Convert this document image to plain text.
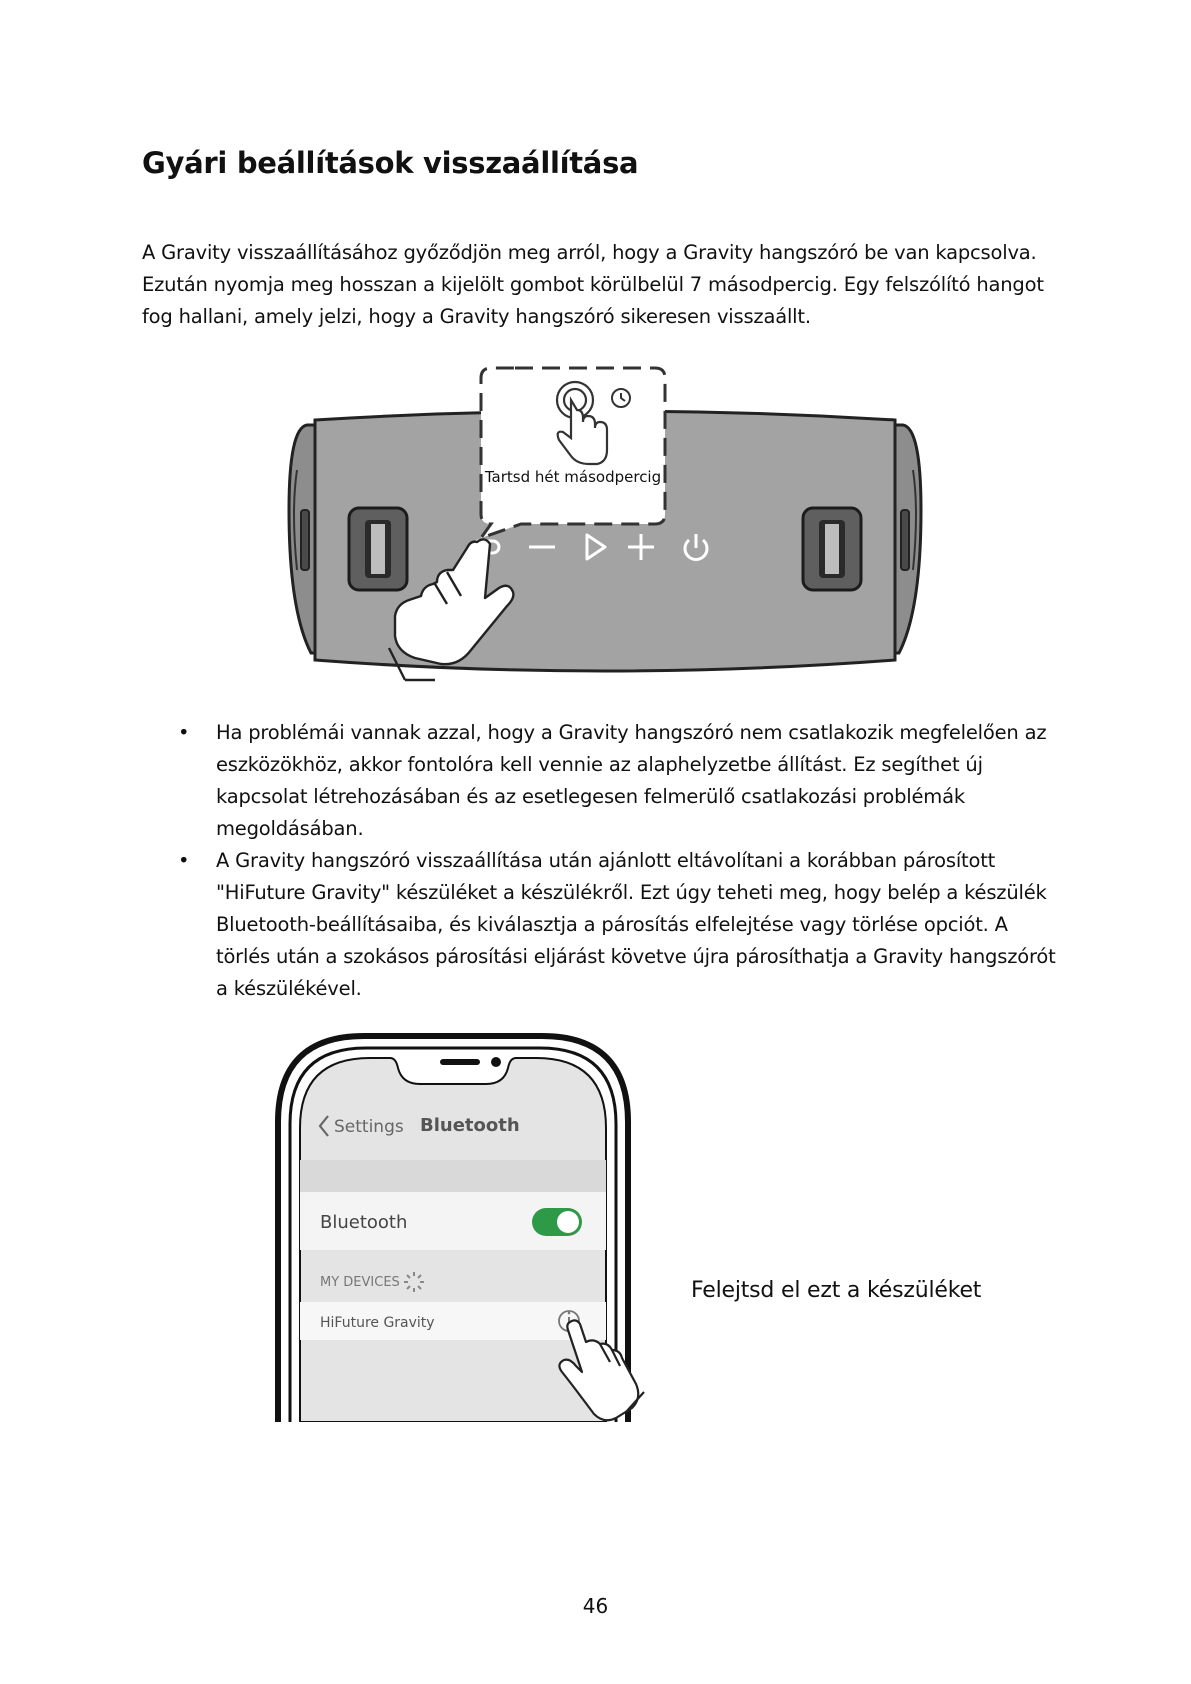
Gyári beállítások visszaállítása

A Gravity visszaállításához győződjön meg arról, hogy a Gravity hangszóró be van kapcsolva. Ezután nyomja meg hosszan a kijelölt gombot körülbelül 7 másodpercig. Egy felszólító hangot fog hallani, amely jelzi, hogy a Gravity hangszóró sikeresen visszaállt.

Tartsd hét másodpercig
• Ha problémái vannak azzal, hogy a Gravity hangszóró nem csatlakozik megfelelően az eszközökhöz, akkor fontolóra kell vennie az alaphelyzetbe állítást. Ez segíthet új kapcsolat létrehozásában és az esetlegesen felmerülő csatlakozási problémák megoldásában.
• A Gravity hangszóró visszaállítása után ajánlott eltávolítani a korábban párosított "HiFuture Gravity" készüléket a készülékről. Ezt úgy teheti meg, hogy belép a készülék Bluetooth-beállításaiba, és kiválasztja a párosítás elfelejtése vagy törlése opciót. A törlés után a szokásos párosítási eljárást követve újra párosíthatja a Gravity hangszórót a készülékével.
Settings Bluetooth
Bluetooth
MY DEVICES
HiFuture Gravity
Felejtsd el ezt a készüléket
46
